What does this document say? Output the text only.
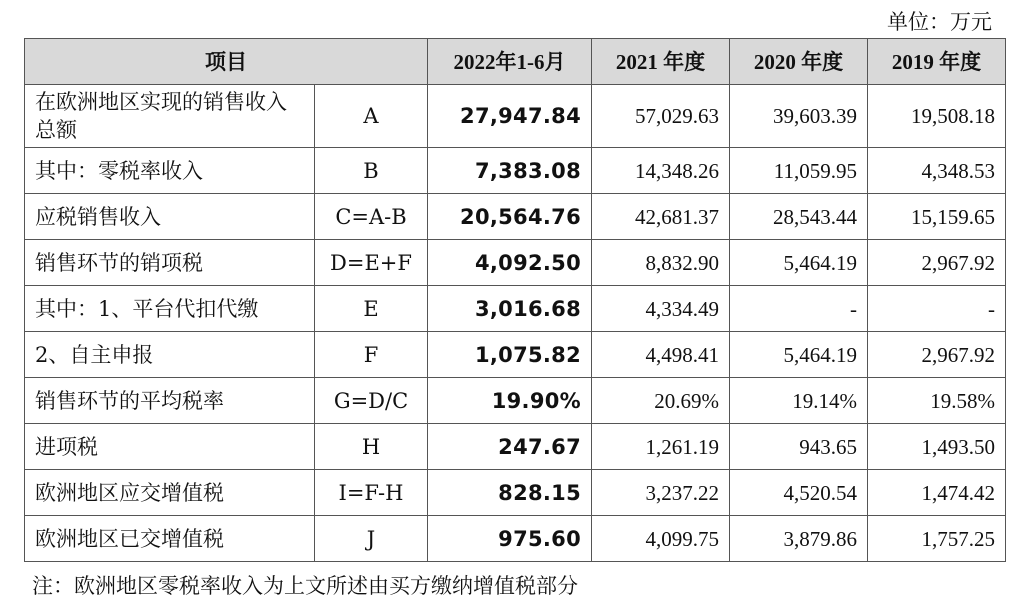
单位：万元
项目		2022年1-6月	2021 年度	2020 年度	2019 年度
在欧洲地区实现的销售收入总额	A	27,947.84	57,029.63	39,603.39	19,508.18
其中：零税率收入	B	7,383.08	14,348.26	11,059.95	4,348.53
应税销售收入	C=A-B	20,564.76	42,681.37	28,543.44	15,159.65
销售环节的销项税	D=E+F	4,092.50	8,832.90	5,464.19	2,967.92
其中：1、平台代扣代缴	E	3,016.68	4,334.49	-	-
2、自主申报	F	1,075.82	4,498.41	5,464.19	2,967.92
销售环节的平均税率	G=D/C	19.90%	20.69%	19.14%	19.58%
进项税	H	247.67	1,261.19	943.65	1,493.50
欧洲地区应交增值税	I=F-H	828.15	3,237.22	4,520.54	1,474.42
欧洲地区已交增值税	J	975.60	4,099.75	3,879.86	1,757.25
注：欧洲地区零税率收入为上文所述由买方缴纳增值税部分
